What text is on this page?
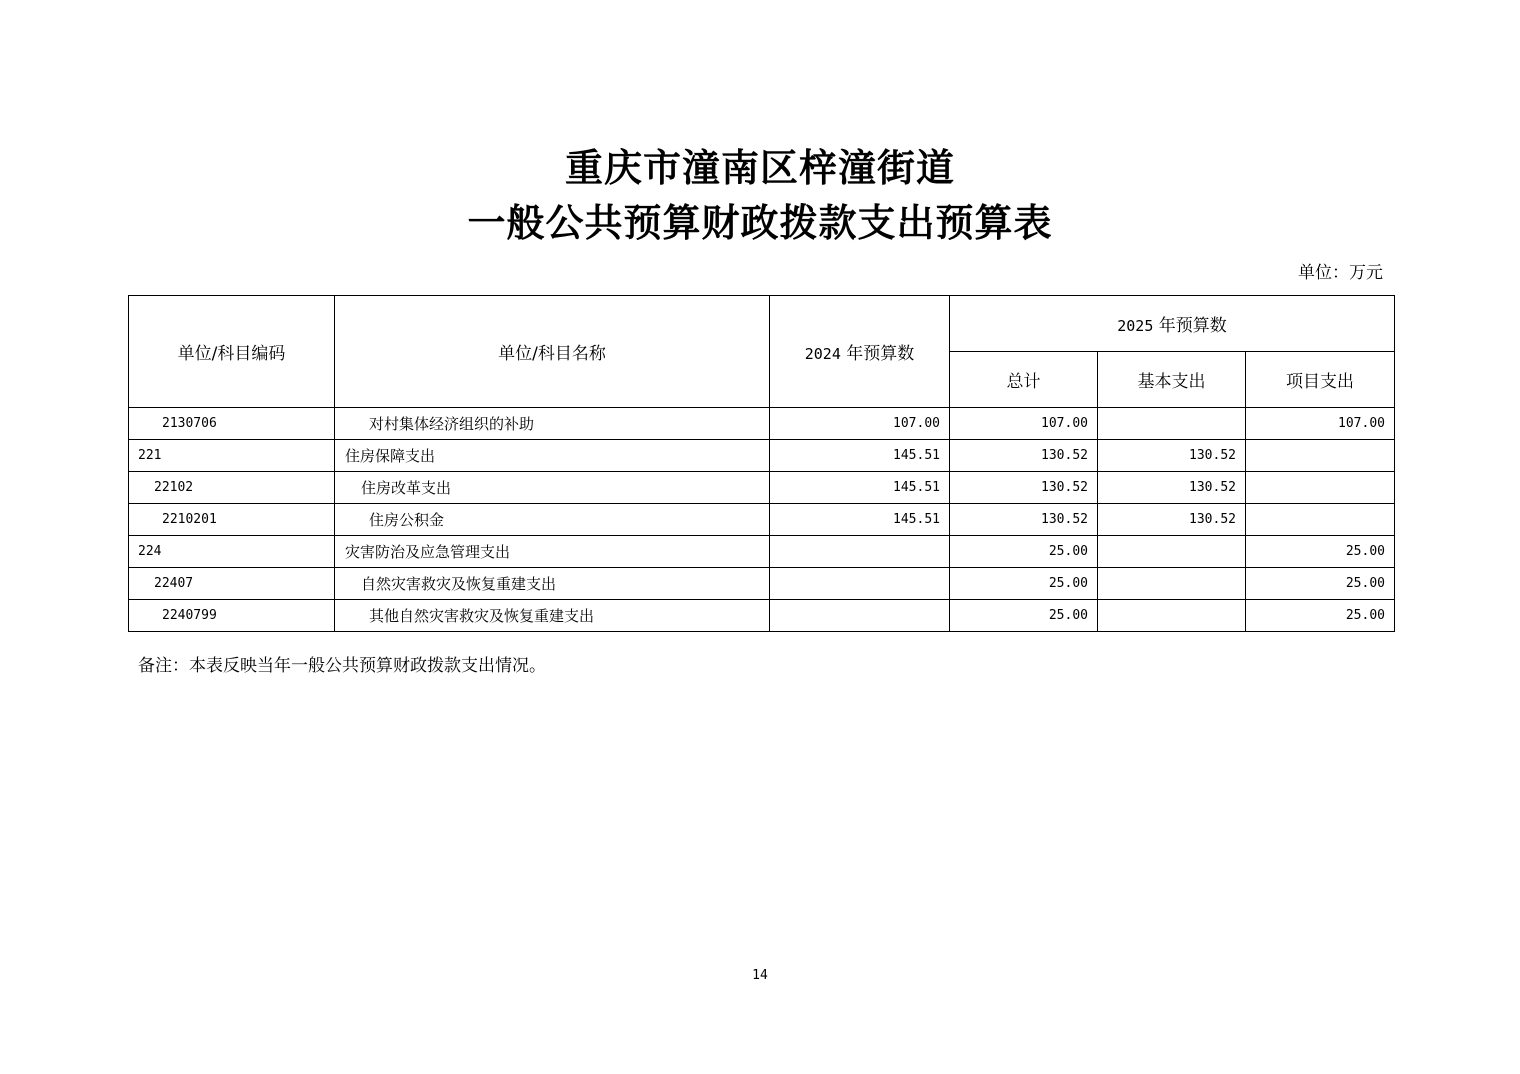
重庆市潼南区梓潼街道
一般公共预算财政拨款支出预算表
单位：万元
单位/科目编码	单位/科目名称	2024 年预算数	2025 年预算数		
			总计	基本支出	项目支出
2130706	对村集体经济组织的补助	107.00	107.00		107.00
221	住房保障支出	145.51	130.52	130.52	
22102	住房改革支出	145.51	130.52	130.52	
2210201	住房公积金	145.51	130.52	130.52	
224	灾害防治及应急管理支出		25.00		25.00
22407	自然灾害救灾及恢复重建支出		25.00		25.00
2240799	其他自然灾害救灾及恢复重建支出		25.00		25.00
备注：本表反映当年一般公共预算财政拨款支出情况。
14
